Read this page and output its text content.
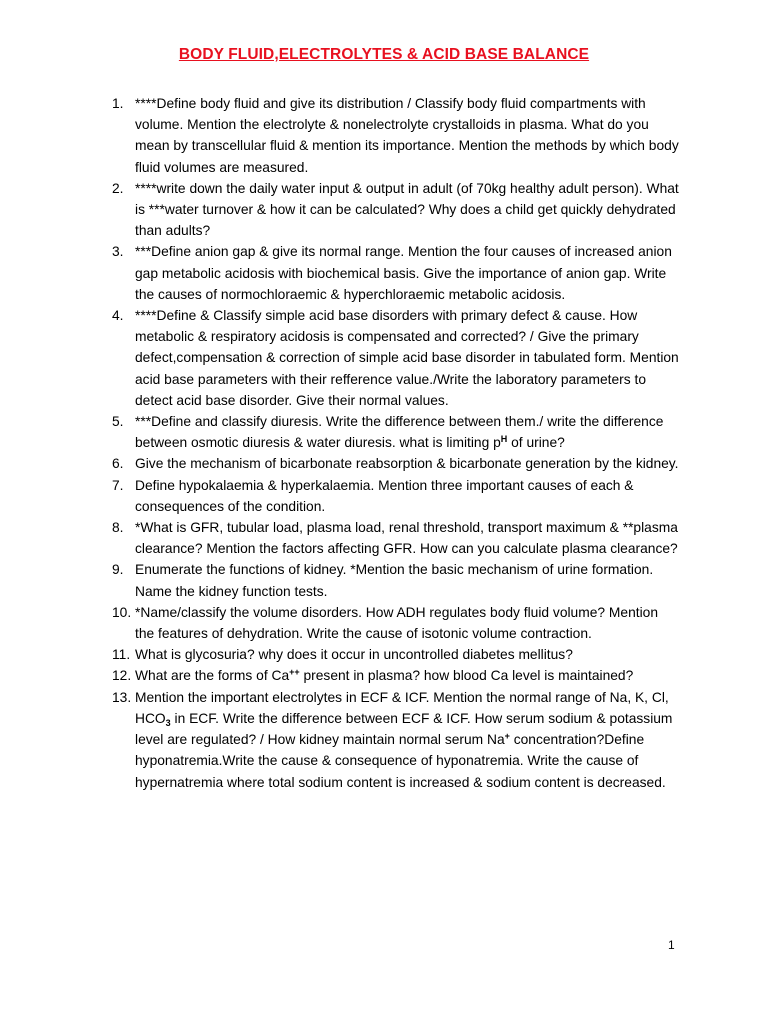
BODY FLUID,ELECTROLYTES & ACID BASE BALANCE
1. ****Define body fluid and give its distribution / Classify body fluid compartments with volume. Mention the electrolyte & nonelectrolyte crystalloids in plasma. What do you mean by transcellular fluid & mention its importance. Mention the methods by which body fluid volumes are measured.
2. ****write down the daily water input & output in adult (of 70kg healthy adult person). What is ***water turnover & how it can be calculated? Why does a child get quickly dehydrated than adults?
3. ***Define anion gap & give its normal range. Mention the four causes of increased anion gap metabolic acidosis with biochemical basis. Give the importance of anion gap. Write the causes of normochloraemic & hyperchloraemic metabolic acidosis.
4. ****Define & Classify simple acid base disorders with primary defect & cause. How metabolic & respiratory acidosis is compensated and corrected? / Give the primary defect,compensation & correction of simple acid base disorder in tabulated form. Mention acid base parameters with their refference value./Write the laboratory parameters to detect acid base disorder. Give their normal values.
5. ***Define and classify diuresis. Write the difference between them./ write the difference between osmotic diuresis & water diuresis. what is limiting $p^H$ of urine?
6. Give the mechanism of bicarbonate reabsorption & bicarbonate generation by the kidney.
7. Define hypokalaemia & hyperkalaemia. Mention three important causes of each & consequences of the condition.
8. *What is GFR, tubular load, plasma load, renal threshold, transport maximum & **plasma clearance? Mention the factors affecting GFR. How can you calculate plasma clearance?
9. Enumerate the functions of kidney. *Mention the basic mechanism of urine formation. Name the kidney function tests.
10. *Name/classify the volume disorders. How ADH regulates body fluid volume? Mention the features of dehydration. Write the cause of isotonic volume contraction.
11. What is glycosuria? why does it occur in uncontrolled diabetes mellitus?
12. What are the forms of Ca++ present in plasma? how blood Ca level is maintained?
13. Mention the important electrolytes in ECF & ICF. Mention the normal range of Na, K, Cl, $HCO_3$ in ECF. Write the difference between ECF & ICF. How serum sodium & potassium level are regulated? / How kidney maintain normal serum Na+ concentration?Define hyponatremia.Write the cause & consequence of hyponatremia. Write the cause of hypernatremia where total sodium content is increased & sodium content is decreased.
1
